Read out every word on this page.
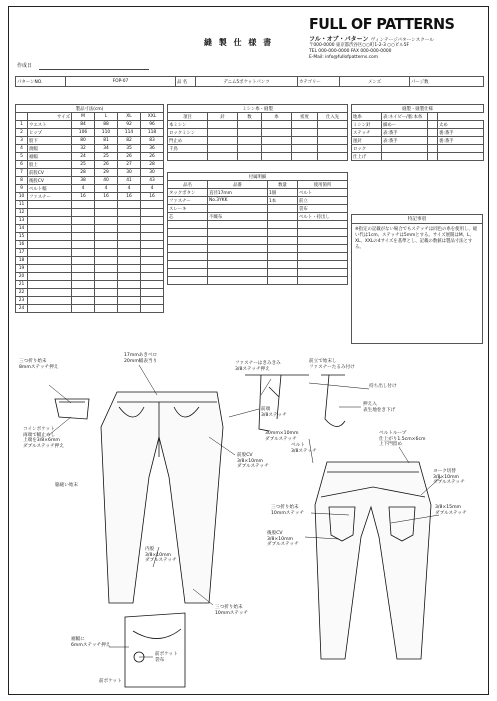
FULL OF PATTERNS
フル・オブ・パターン ヴィンテージパターンスクール
〒000-0000 東京都渋谷区○○町1-2-3 ○○ビル5F
TEL 000-000-0000 FAX 000-000-0000
E-Mail: info@fullofpatterns.com
縫 製 仕 様 書
作成日
パターンNO.	FOP-07	品 名	デニム5ポケットパンツ	カテゴリー	メンズ	パージ数
製品寸法(cm)					
	サイズ	M	L	XL	XXL
1	ウエスト	84	88	92	96
2	ヒップ	106	110	114	118
3	股下	80	81	82	83
4	渡幅	32	34	35	36
5	裾幅	24	25	26	26
6	股上	25	26	27	28
7	前股CV	28	29	30	30
8	後股CV	38	40	41	43
9	ベルト幅	4	4	4	4
10	ファスナー	16	16	16	16
11					
12					
13					
14					
15					
16					
17					
18					
19					
20					
21					
22					
23					
24					
ミシン糸・縫製					
項目	針	数	糸	密度	仕入先
本ミシン					
ロックミシン					
閂止め					
千鳥					

付属明細			
品名	品番	数量	使用箇所
タックボタン	直径17mm	1個	ベルト
ファスナー	No.3YKK	1本	前立
スレーキ			袋布
芯	不織布		ベルト・持出し

縫製・縫製仕様			
地糸	表:ネイビー/裏:本糸		
ミシン針	細めー		太め
ステッチ	表:番手		裏:番手
運針	表:番手		裏:番手
ロック			
仕上げ			
特記事項
※指定の記載がない場合でもステッチは同色の糸を使用し、縫い代は1cm、ステッチは5mmとする。サイズ展開はM、L、XL、XXLの4サイズを基準とし、記載の数値は製品寸法とする。
三つ折り始末
8mmステッチ押え
コインポケット
両端で幅止めし
上端を3/8×6mm
ダブルステッチ押え
17mmあきベロ
20mm幅表当り	ファスナーはきみきみ
3/8ステッチ押え
前立で始末し
ファスナーたるみ付け
前端
3/8ステッチ
持ち出し付け
押え入
表生地巻き下げ
脇縫い始末
前股CV
3/8×10mm
ダブルステッチ
30mm×10mm
ダブルステッチ
ベルト
3/8ステッチ
ベルトループ
仕上がり1.5cm×6cm
上下閂留め
ヨーク切替
3/8×10mm
ダブルステッチ
三つ折り始末
10mmステッチ
3/8×15mm
ダブルステッチ
後股CV
3/8×10mm
ダブルステッチ
内股
3/8×10mm
ダブルステッチ
三つ折り始末
10mmステッチ
裾幅に
6mmステッチ押え
前ポケット
袋布
前ポケット
